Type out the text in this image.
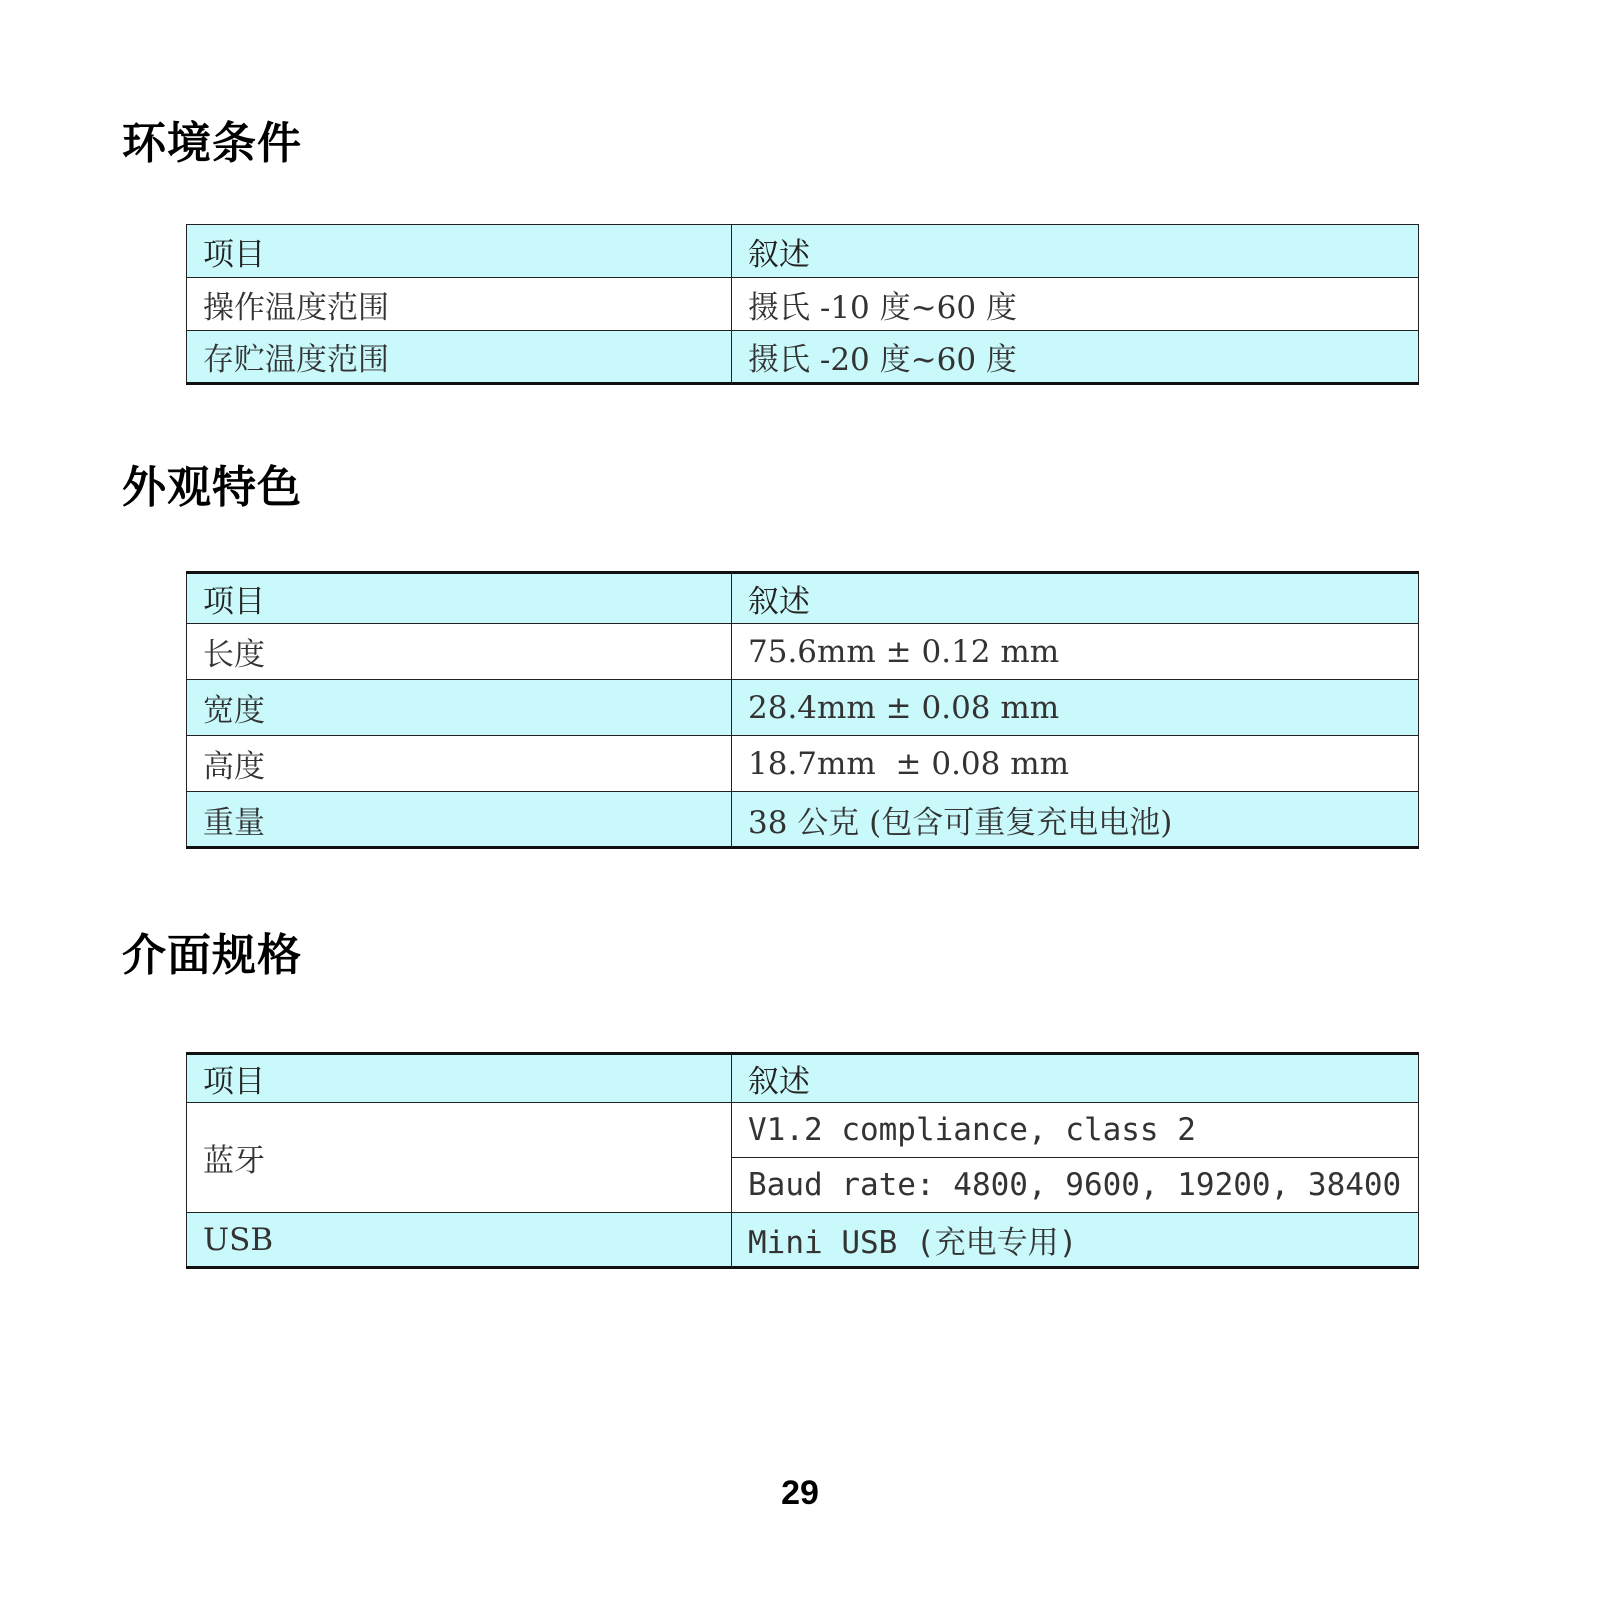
环境条件
项目	叙述
操作温度范围	摄氏 -10 度~60 度
存贮温度范围	摄氏 -20 度~60 度
外观特色
项目	叙述
长度	75.6mm ± 0.12 mm
宽度	28.4mm ± 0.08 mm
高度	18.7mm  ± 0.08 mm
重量	38 公克 (包含可重复充电电池)
介面规格
项目	叙述
蓝牙	V1.2 compliance, class 2
	Baud rate: 4800, 9600, 19200, 38400
USB	Mini USB (充电专用)
29
